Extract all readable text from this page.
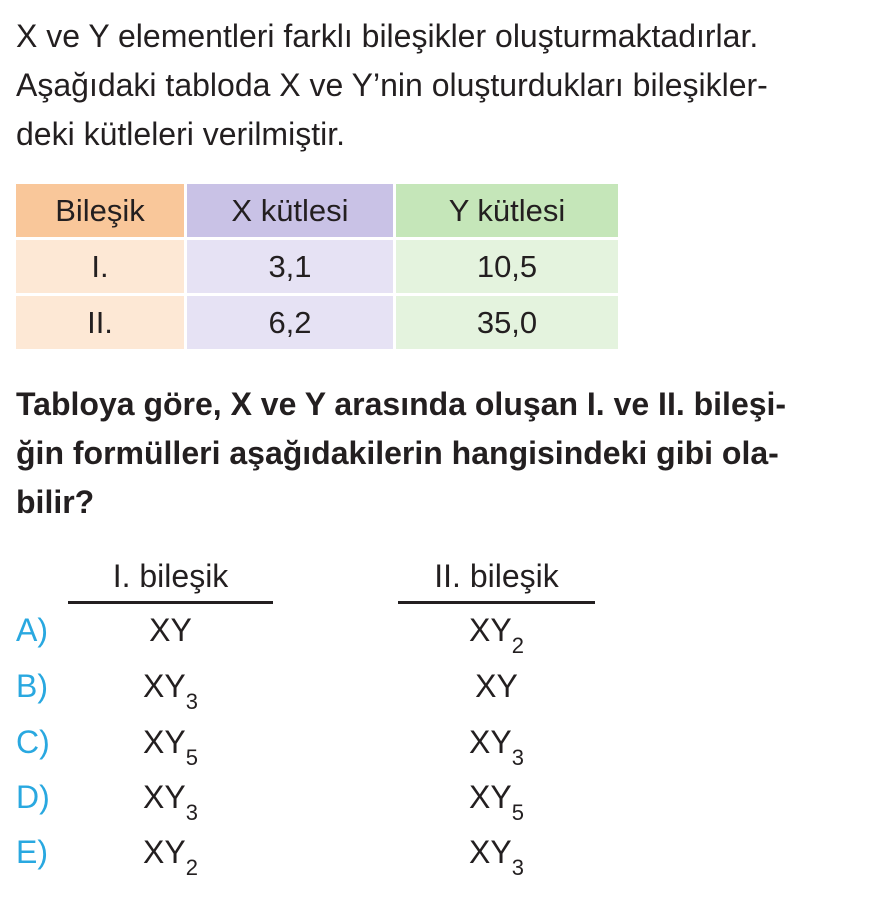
X ve Y elementleri farklı bileşikler oluşturmaktadırlar.
Aşağıdaki tabloda X ve Y’nin oluşturdukları bileşikler-
deki kütleleri verilmiştir.
Bileşik	X kütlesi	Y kütlesi
I.	3,1	10,5
II.	6,2	35,0
Tabloya göre, X ve Y arasında oluşan I. ve II. bileşi-
ğin formülleri aşağıdakilerin hangisindeki gibi ola-
bilir?
I. bileşik	II. bileşik
A)	XY	$XY_2$
B)	$XY_3$	XY
C)	$XY_5$	$XY_3$
D)	$XY_3$	$XY_5$
E)	$XY_2$	$XY_3$
